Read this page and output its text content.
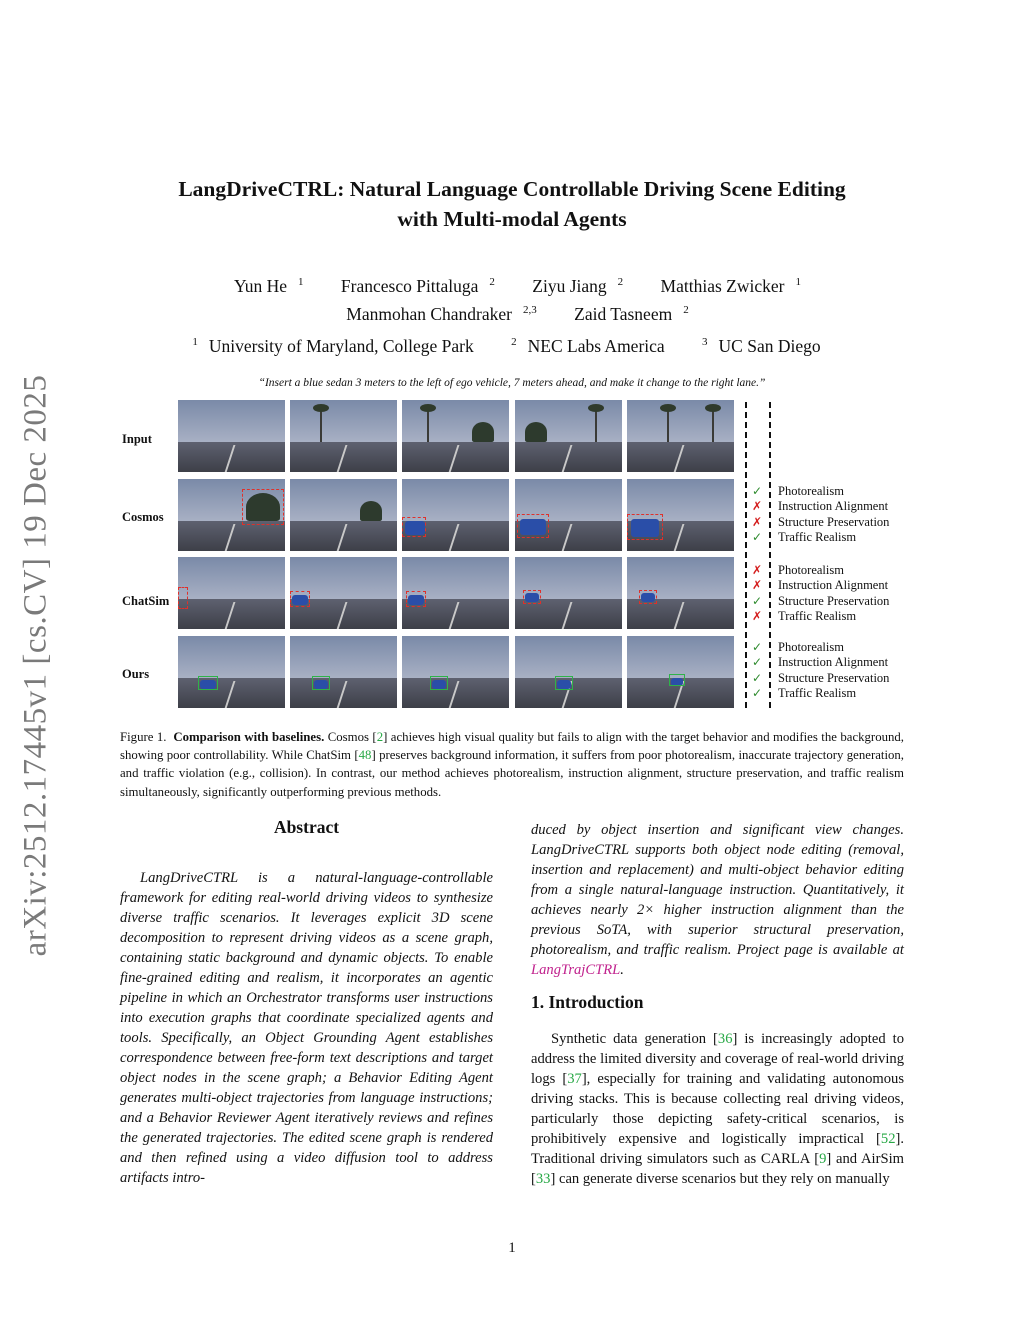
arXiv:2512.17445v1 [cs.CV] 19 Dec 2025
LangDriveCTRL: Natural Language Controllable Driving Scene Editing
with Multi-modal Agents
Yun He $^1$ Francesco Pittaluga $^2$ Ziyu Jiang $^2$ Matthias Zwicker $^1$
Manmohan Chandraker $^{2,3}$ Zaid Tasneem $^2$
$^1$ University of Maryland, College Park	$^2$ NEC Labs America	$^3$ UC San Diego
“Insert a blue sedan 3 meters to the left of ego vehicle, 7 meters ahead, and make it change to the right lane.”
Input
Cosmos
ChatSim
Ours
✓
✗
✗
✓
Photorealism
Instruction Alignment
Structure Preservation
Traffic Realism
✗
✗
✓
✗
Photorealism
Instruction Alignment
Structure Preservation
Traffic Realism
✓
✓
✓
✓
Photorealism
Instruction Alignment
Structure Preservation
Traffic Realism
Figure 1. Comparison with baselines. Cosmos [2] achieves high visual quality but fails to align with the target behavior and modifies the background, showing poor controllability. While ChatSim [48] preserves background information, it suffers from poor photorealism, inaccurate trajectory generation, and traffic violation (e.g., collision). In contrast, our method achieves photorealism, instruction alignment, structure preservation, and traffic realism simultaneously, significantly outperforming previous methods.
Abstract
LangDriveCTRL is a natural-language-controllable framework for editing real-world driving videos to synthesize diverse traffic scenarios. It leverages explicit 3D scene decomposition to represent driving videos as a scene graph, containing static background and dynamic objects. To enable fine-grained editing and realism, it incorporates an agentic pipeline in which an Orchestrator transforms user instructions into execution graphs that coordinate specialized agents and tools. Specifically, an Object Grounding Agent establishes correspondence between free-form text descriptions and target object nodes in the scene graph; a Behavior Editing Agent generates multi-object trajectories from language instructions; and a Behavior Reviewer Agent iteratively reviews and refines the generated trajectories. The edited scene graph is rendered and then refined using a video diffusion tool to address artifacts intro-
duced by object insertion and significant view changes. LangDriveCTRL supports both object node editing (removal, insertion and replacement) and multi-object behavior editing from a single natural-language instruction. Quantitatively, it achieves nearly 2× higher instruction alignment than the previous SoTA, with superior structural preservation, photorealism, and traffic realism. Project page is available at LangTrajCTRL.
1. Introduction
Synthetic data generation [36] is increasingly adopted to address the limited diversity and coverage of real-world driving logs [37], especially for training and validating autonomous driving stacks. This is because collecting real driving videos, particularly those depicting safety-critical scenarios, is prohibitively expensive and logistically impractical [52]. Traditional driving simulators such as CARLA [9] and AirSim [33] can generate diverse scenarios but they rely on manually
1
